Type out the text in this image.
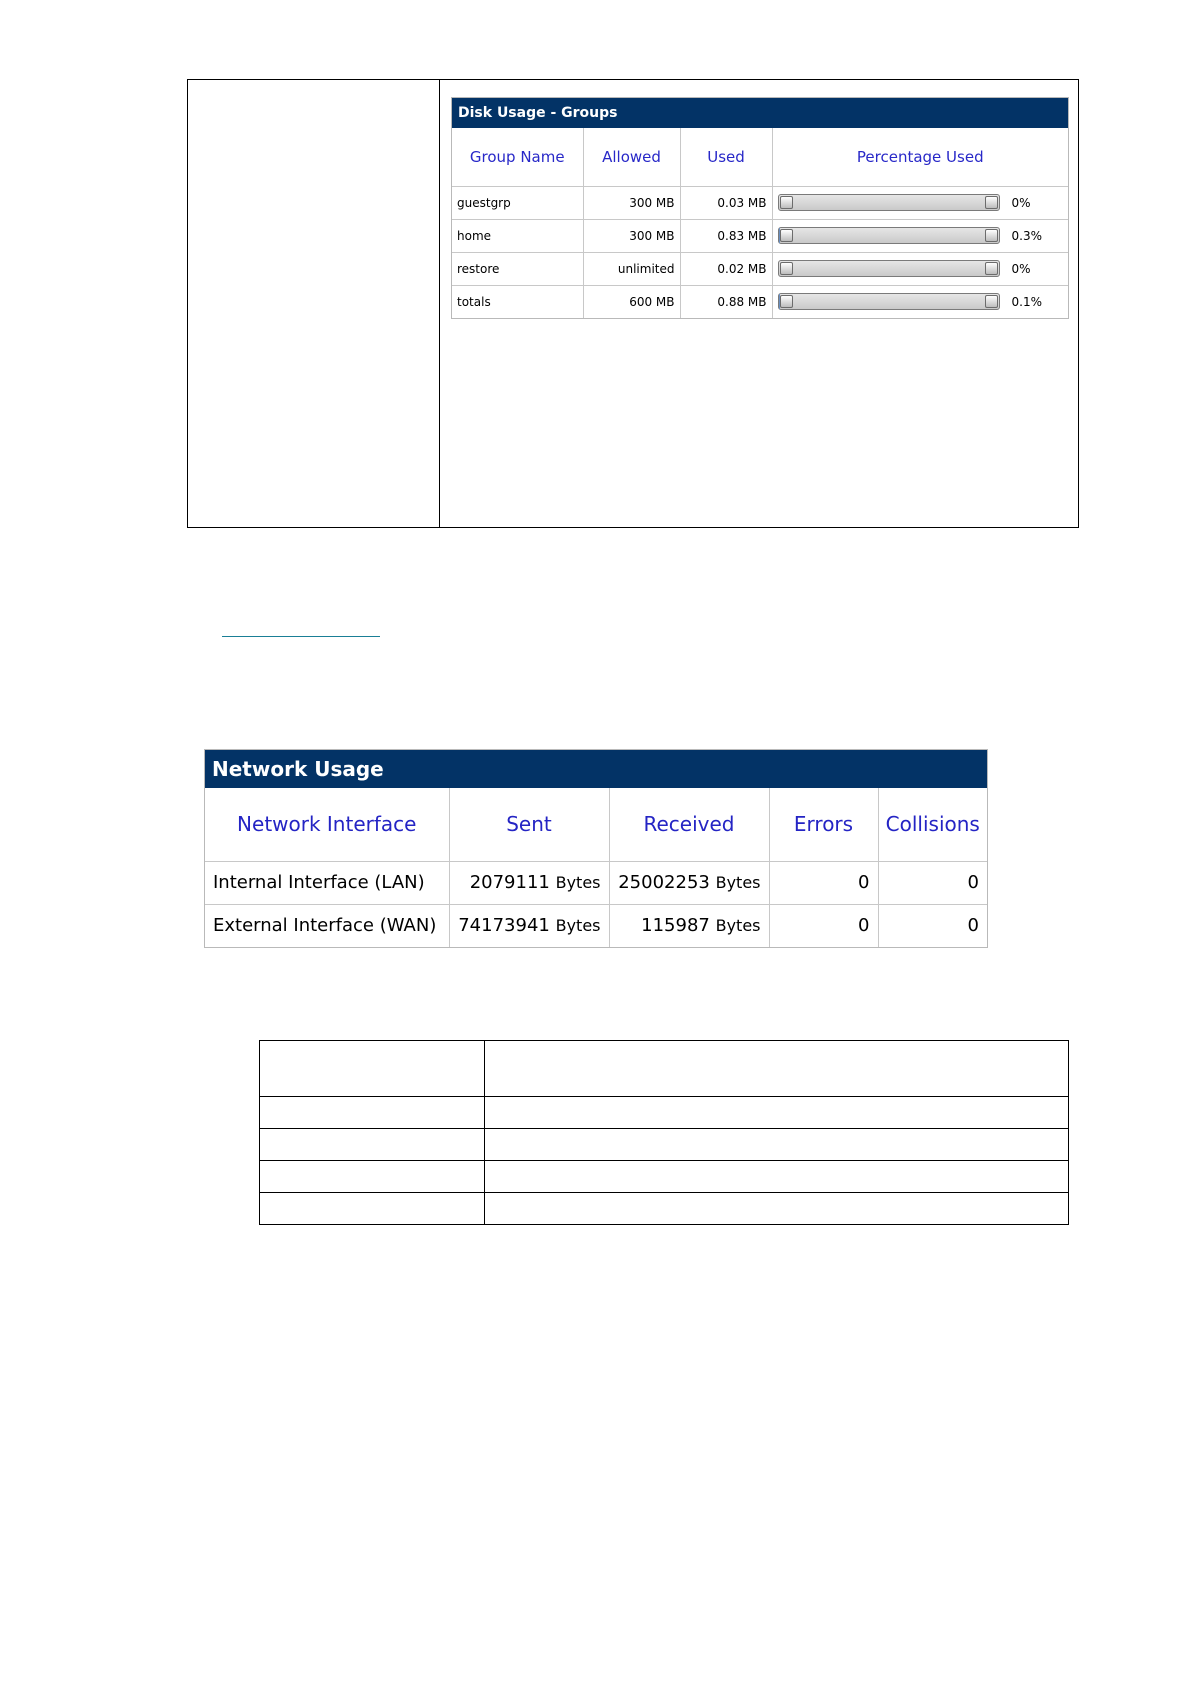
Disk Usage - Groups
Group Name	Allowed	Used	Percentage Used
guestgrp	300 MB	0.03 MB	0%

home	300 MB	0.83 MB	0.3%

restore	unlimited	0.02 MB	0%

totals	600 MB	0.88 MB	0.1%
Network Usage
Network Interface	Sent	Received	Errors	Collisions
Internal Interface (LAN)	2079111 Bytes	25002253 Bytes	0	0
External Interface (WAN)	74173941 Bytes	115987 Bytes	0	0
